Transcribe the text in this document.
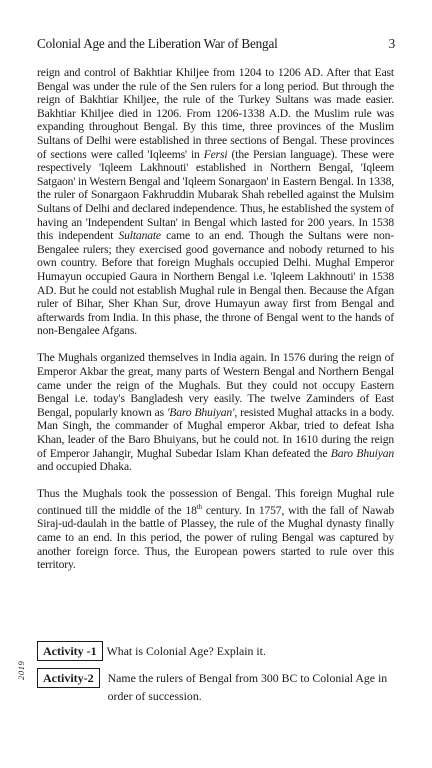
Colonial Age and the Liberation War of Bengal	3

reign and control of Bakhtiar Khiljee from 1204 to 1206 AD. After that East Bengal was under the rule of the Sen rulers for a long period. But through the reign of Bakhtiar Khiljee, the rule of the Turkey Sultans was made easier. Bakhtiar Khiljee died in 1206. From 1206-1338 A.D. the Muslim rule was expanding throughout Bengal. By this time, three provinces of the Muslim Sultans of Delhi were established in three sections of Bengal. These provinces of sections were called 'Iqleems' in Fersi (the Persian language). These were respectively 'Iqleem Lakhnouti' established in Northern Bengal, 'Iqleem Satgaon' in Western Bengal and 'Iqleem Sonargaon' in Eastern Bengal. In 1338, the ruler of Sonargaon Fakhruddin Mubarak Shah rebelled against the Mulsim Sultans of Delhi and declared independence. Thus, he established the system of having an 'Independent Sultan' in Bengal which lasted for 200 years. In 1538 this independent Sultanate came to an end. Though the Sultans were non-Bengalee rulers; they exercised good governance and nobody returned to his own country. Before that foreign Mughals occupied Delhi. Mughal Emperor Humayun occupied Gaura in Northern Bengal i.e. 'Iqleem Lakhnouti' in 1538 AD. But he could not establish Mughal rule in Bengal then. Because the Afgan ruler of Bihar, Sher Khan Sur, drove Humayun away first from Bengal and afterwards from India. In this phase, the throne of Bengal went to the hands of non-Bengalee Afgans.

The Mughals organized themselves in India again. In 1576 during the reign of Emperor Akbar the great, many parts of Western Bengal and Northern Bengal came under the reign of the Mughals. But they could not occupy Eastern Bengal i.e. today's Bangladesh very easily. The twelve Zaminders of East Bengal, popularly known as 'Baro Bhuiyan', resisted Mughal attacks in a body. Man Singh, the commander of Mughal emperor Akbar, tried to defeat Isha Khan, leader of the Baro Bhuiyans, but he could not. In 1610 during the reign of Emperor Jahangir, Mughal Subedar Islam Khan defeated the Baro Bhuiyan and occupied Dhaka.

Thus the Mughals took the possession of Bengal. This foreign Mughal rule continued till the middle of the 18th century. In 1757, with the fall of Nawab Siraj-ud-daulah in the battle of Plassey, the rule of the Mughal dynasty finally came to an end. In this period, the power of ruling Bengal was captured by another foreign force. Thus, the European powers started to rule over this territory.

Activity -1 What is Colonial Age? Explain it.
Activity-2	Name the rulers of Bengal from 300 BC to Colonial Age in order of succession.
2019
